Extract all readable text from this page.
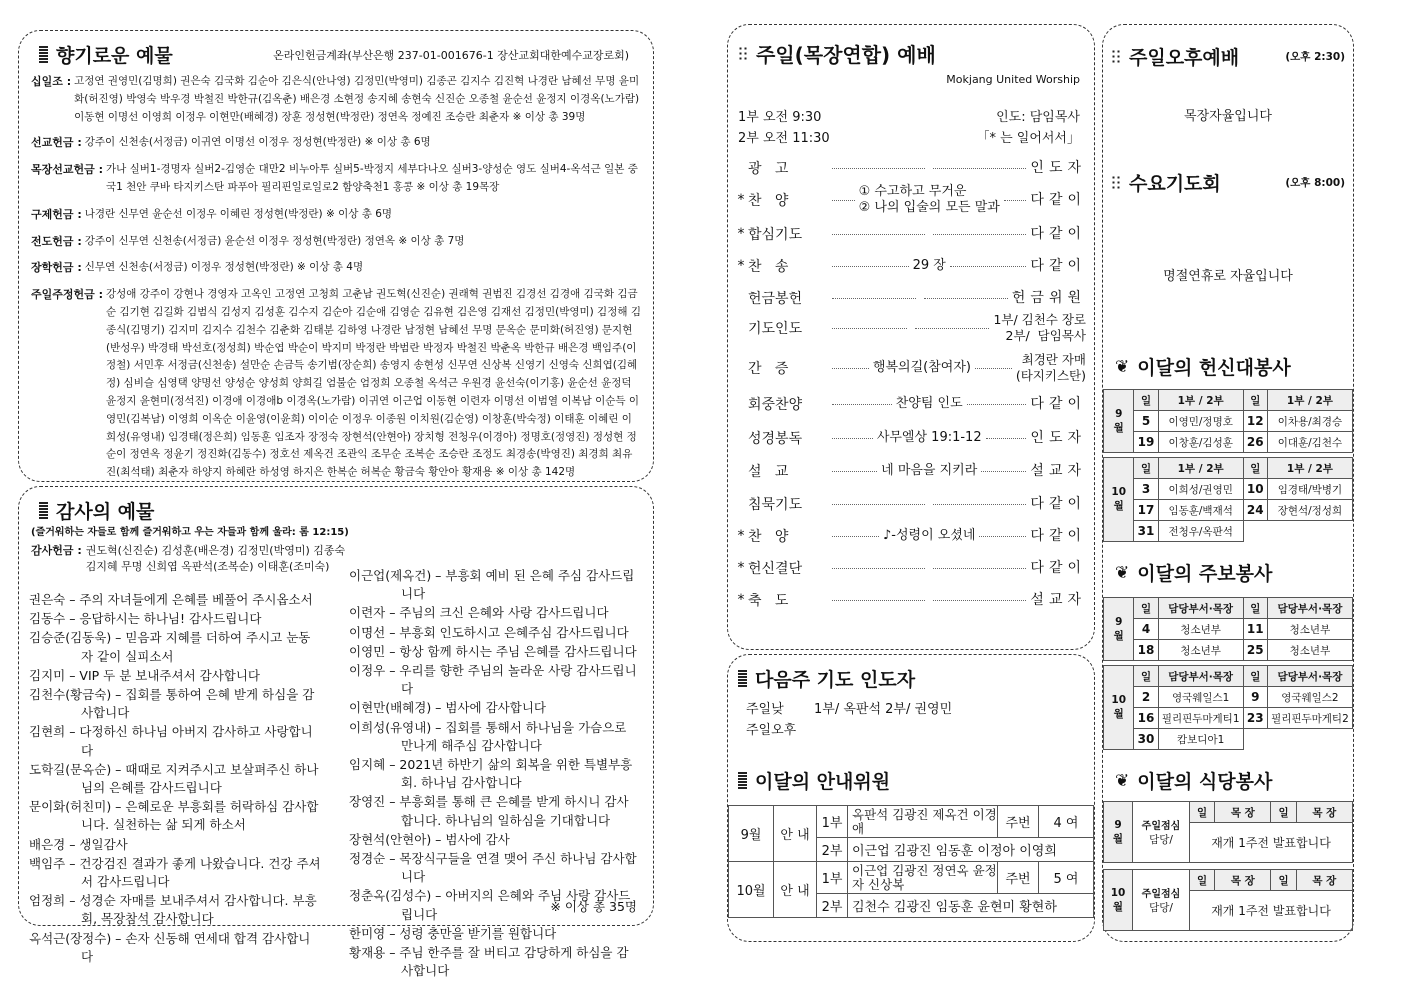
향기로운 예물	온라인헌금계좌(부산은행 237-01-001676-1 장산교회대한예수교장로회)
십일조 : 고정연 권영민(김명희) 권은숙 김국화 김순아 김은식(안나영) 김정민(박영미) 김종곤 김지수 김진혁 나경란 남혜선 무명 윤미화(허진영) 박영숙 박우경 박철진 박한규(김옥춘) 배은경 소현정 송지혜 송현숙 신진순 오종철 윤순선 윤정지 이경옥(노가람) 이동현 이명선 이영희 이정우 이현만(배혜경) 장훈 정성현(박정란) 정연옥 정예진 조승란 최춘자 ※ 이상 총 39명
선교헌금 : 강주이 신천송(서정금) 이귀연 이명선 이정우 정성현(박정란) ※ 이상 총 6명
목장선교헌금 : 가나 실버1-경명자 실버2-김영순 대만2 비누아투 실버5-박정지 세부다나오 실버3-양성순 영도 실버4-옥석근 일본 중국1 천안 쿠바 타지키스탄 파푸아 필리핀일로일로2 함양축천1 홍콩 ※ 이상 총 19목장
구제헌금 : 나경란 신무연 윤순선 이정우 이혜린 정성현(박정란) ※ 이상 총 6명
전도헌금 : 강주이 신무연 신천송(서정금) 윤순선 이정우 정성현(박정란) 정연옥 ※ 이상 총 7명
장학헌금 : 신무연 신천송(서정금) 이정우 정성현(박정란) ※ 이상 총 4명
주일주정헌금 : 강성애 강주이 강현나 경영자 고옥인 고정연 고청희 고춘남 권도혁(신진순) 권래혁 권범진 김경선 김경애 김국화 김금순 김기현 김길화 김범식 김성지 김성훈 김수지 김순아 김순애 김영순 김유현 김은영 김재선 김정민(박영미) 김정해 김종식(김명기) 김지미 김지수 김천수 김춘화 김태분 김하영 나경란 남정현 남혜선 무명 문옥순 문미화(허진영) 문지현(반성우) 박경태 박선호(정성희) 박순엽 박순이 박지미 박정란 박범란 박정자 박철진 박춘옥 박한규 배은경 백임주(이정철) 서민후 서정금(신천송) 설만순 손금득 송기범(장순희) 송영지 송현성 신무연 신상복 신영기 신영숙 신희엽(김혜정) 심비슬 심영택 양명선 양성순 양성희 양희길 엄불순 엄정희 오종철 옥석근 우원경 윤선숙(이기홍) 윤순선 윤정덕 윤정지 윤현미(정석진) 이경애 이경애b 이경옥(노가람) 이귀연 이근업 이동현 이련자 이명선 이범열 이복남 이순득 이영민(김복남) 이영희 이옥순 이윤영(이윤희) 이이순 이정우 이종원 이치원(김순영) 이창훈(박숙정) 이태훈 이혜린 이희성(유영내) 임경태(정은희) 임동훈 임조자 장정숙 장현석(안현아) 장치형 전청우(이경아) 정명호(정영진) 정성현 정순이 정연옥 정윤기 정진화(김동수) 정호선 제옥건 조관익 조무순 조복순 조승란 조정도 최경송(박영진) 최경희 최유진(최석태) 최춘자 하양지 하혜란 하성영 하지은 한복순 허복순 황금숙 황안아 황재용 ※ 이상 총 142명
감사의 예물
(즐거워하는 자들로 함께 즐거워하고 우는 자들과 함께 울라: 롬 12:15)
감사헌금 : 권도혁(신진순) 김성훈(배은경) 김정민(박영미) 김종숙 김지혜 무명 신희엽 옥판석(조복순) 이태훈(조미숙)
권은숙 – 주의 자녀들에게 은혜를 베풀어 주시옵소서
김동수 – 응답하시는 하나님! 감사드립니다
김승준(김동욱) – 믿음과 지혜를 더하여 주시고 눈동자 같이 실피소서
김지미 – VIP 두 분 보내주셔서 감사합니다
김천수(황금숙) – 집회를 통하여 은혜 받게 하심을 감사합니다
김현희 – 다정하신 하나님 아버지 감사하고 사랑합니다
도학길(문옥순) – 때때로 지켜주시고 보살펴주신 하나님의 은혜를 감사드립니다
문이화(허친미) – 은혜로운 부흥회를 허락하심 감사합니다. 실천하는 삶 되게 하소서
배은경 – 생일감사
백임주 – 건강검진 결과가 좋게 나왔습니다. 건강 주셔서 감사드립니다
엄정희 – 성경순 자매를 보내주셔서 감사합니다. 부흥회, 목장참석 감사합니다
옥석근(장정수) – 손자 신동해 연세대 합격 감사합니다
이근업(제옥건) – 부흥회 예비 된 은혜 주심 감사드립니다
이련자 – 주님의 크신 은혜와 사랑 감사드립니다
이명선 – 부흥회 인도하시고 은혜주심 감사드립니다
이영민 – 항상 함께 하시는 주님 은혜를 감사드립니다
이정우 – 우리를 향한 주님의 놀라운 사랑 감사드립니다
이현만(배혜경) – 범사에 감사합니다
이희성(유영내) – 집회를 통해서 하나님을 가슴으로 만나게 해주심 감사합니다
임지혜 – 2021년 하반기 삶의 회복을 위한 특별부흥회. 하나님 감사합니다
장영진 – 부흥회를 통해 큰 은혜를 받게 하시니 감사합니다. 하나님의 일하심을 기대합니다
장현석(안현아) – 범사에 감사
정경순 – 목장식구들을 연결 맺어 주신 하나님 감사합니다
정춘옥(김성수) – 아버지의 은혜와 주님 사랑 감사드립니다
한미영 – 성령 충만을 받기를 원합니다
황재용 – 주님 한주를 잘 버티고 감당하게 하심을 감사합니다
※ 이상 총 35명
주일(목장연합) 예배
Mokjang United Worship
1부 오전 9:30
2부 오전 11:30
인도: 담임목사
「* 는 일어서서」
광   고	인도자
* 찬   양
① 수고하고 무거운
② 나의 입술의 모든 말과 다같이
* 합심기도	다같이
* 찬   송	29 장	다같이
헌금봉헌	헌금위원
기도인도
1부/ 김천수 장로
2부/  담임목사
간   증	행복의길(참여자)
최경란 자매
(타지키스탄)
회중찬양	찬양팀 인도	다같이
성경봉독	사무엘상 19:1-12	인도자
설   교	네 마음을 지키라	설교자
침묵기도	다같이
* 찬   양	♪-성령이 오셨네	다같이
* 헌신결단	다같이
* 축   도	설교자
다음주 기도 인도자
주일낮 1부/ 옥판석 2부/ 권영민
주일오후
이달의 안내위원
9월	안 내	1부	옥판석 김광진 제옥건 이경애	주번	4 여
		2부	이근업 김광진 임동훈 이정아 이영희		
10월	안 내	1부	이근업 김광진 정연옥 윤정자 신상복	주번	5 여
		2부	김천수 김광진 임동훈 윤현미 황현하		
주일오후예배	(오후 2:30)
목장자율입니다
수요기도회	(오후 8:00)
명절연휴로 자율입니다
❦ 이달의 헌신대봉사
9
월	일	1부 / 2부	일	1부 / 2부
	5	이영민/정명호	12	이차용/최경승
	19	이창훈/김성훈	26	이대훈/김천수
10
월	일	1부 / 2부	일	1부 / 2부
	3	이희성/권영민	10	임경태/박병기
	17	임동훈/백재석	24	장현석/정성희
	31	전청우/옥판석		
❦ 이달의 주보봉사
9
월	일	담당부서·목장	일	담당부서·목장
	4	청소년부	11	청소년부
	18	청소년부	25	청소년부
10
월	일	담당부서·목장	일	담당부서·목장
	2	영국웨일스1	9	영국웨일스2
	16	필리핀두마게티1	23	필리핀두마게티2
	30	캄보디아1		
❦ 이달의 식당봉사
9
월

주일점심
담당/
	일	목 장	일	목 장
재개 1주전 발표합니다
10
월

주일점심
담당/
	일	목 장	일	목 장
재개 1주전 발표합니다
